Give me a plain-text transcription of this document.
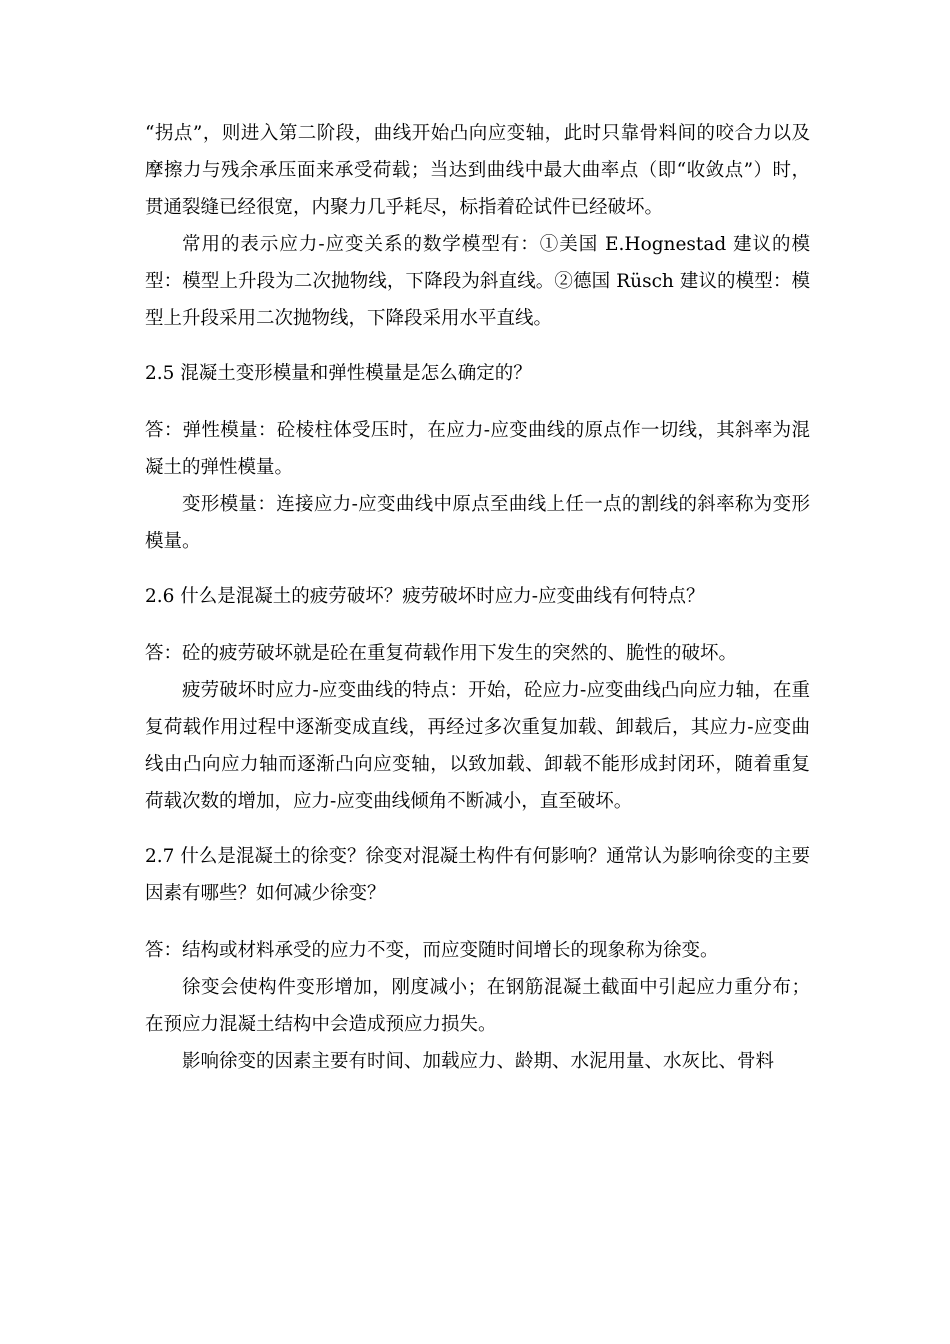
“拐点”，则进入第二阶段，曲线开始凸向应变轴，此时只靠骨料间的咬合力以及摩擦力与残余承压面来承受荷载；当达到曲线中最大曲率点（即“收敛点”）时，贯通裂缝已经很宽，内聚力几乎耗尽，标指着砼试件已经破坏。

常用的表示应力-应变关系的数学模型有：①美国 E.Hognestad 建议的模型：模型上升段为二次抛物线，下降段为斜直线。②德国 Rüsch 建议的模型：模型上升段采用二次抛物线，下降段采用水平直线。

2.5 混凝土变形模量和弹性模量是怎么确定的？

答：弹性模量：砼棱柱体受压时，在应力-应变曲线的原点作一切线，其斜率为混凝土的弹性模量。

变形模量：连接应力-应变曲线中原点至曲线上任一点的割线的斜率称为变形模量。

2.6 什么是混凝土的疲劳破坏？疲劳破坏时应力-应变曲线有何特点？

答：砼的疲劳破坏就是砼在重复荷载作用下发生的突然的、脆性的破坏。

疲劳破坏时应力-应变曲线的特点：开始，砼应力-应变曲线凸向应力轴，在重复荷载作用过程中逐渐变成直线，再经过多次重复加载、卸载后，其应力-应变曲线由凸向应力轴而逐渐凸向应变轴，以致加载、卸载不能形成封闭环，随着重复荷载次数的增加，应力-应变曲线倾角不断减小，直至破坏。

2.7 什么是混凝土的徐变？徐变对混凝土构件有何影响？通常认为影响徐变的主要因素有哪些？如何减少徐变？

答：结构或材料承受的应力不变，而应变随时间增长的现象称为徐变。

徐变会使构件变形增加，刚度减小；在钢筋混凝土截面中引起应力重分布；在预应力混凝土结构中会造成预应力损失。

影响徐变的因素主要有时间、加载应力、龄期、水泥用量、水灰比、骨料
